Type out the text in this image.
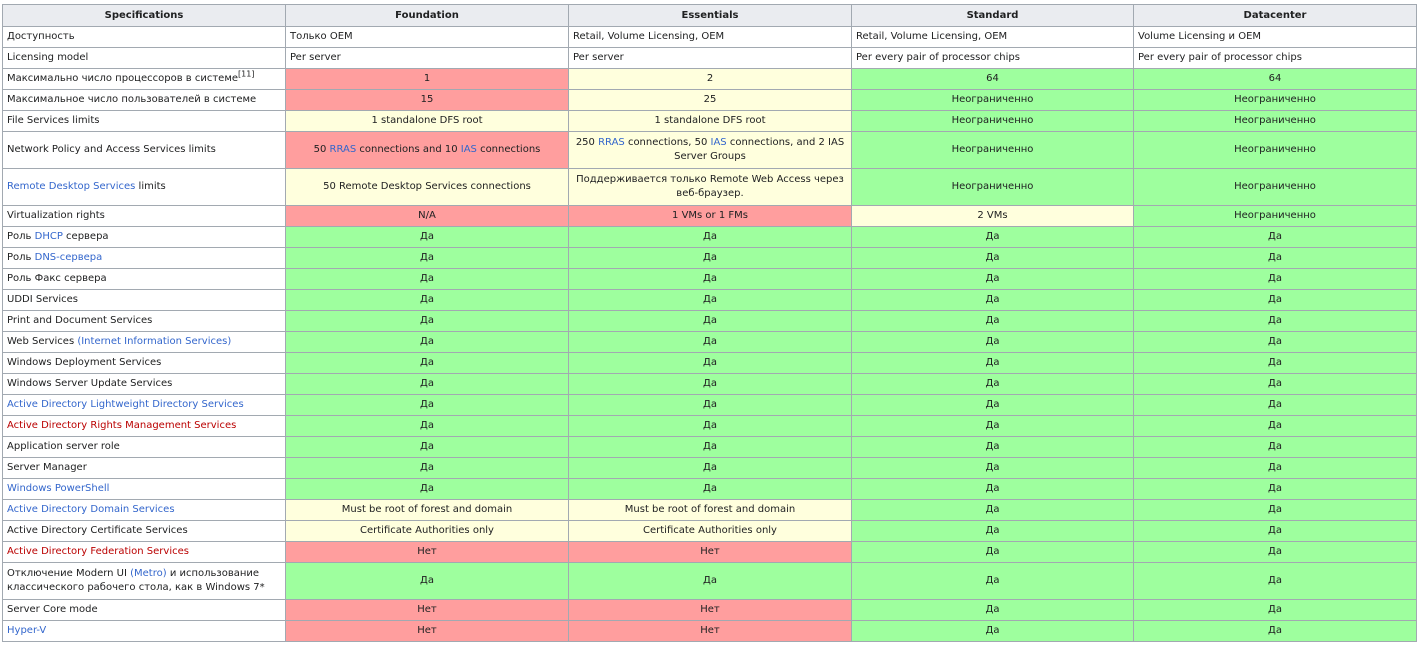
Specifications	Foundation	Essentials	Standard	Datacenter
Доступность	Только OEM	Retail, Volume Licensing, OEM	Retail, Volume Licensing, OEM	Volume Licensing и OEM
Licensing model	Per server	Per server	Per every pair of processor chips	Per every pair of processor chips
Максимально число процессоров в системе[11]	1	2	64	64
Максимальное число пользователей в системе	15	25	Неограниченно	Неограниченно
File Services limits	1 standalone DFS root	1 standalone DFS root	Неограниченно	Неограниченно
Network Policy and Access Services limits	50 RRAS connections and 10 IAS connections	250 RRAS connections, 50 IAS connections, and 2 IAS Server Groups	Неограниченно	Неограниченно
Remote Desktop Services limits	50 Remote Desktop Services connections	Поддерживается только Remote Web Access через веб-браузер.	Неограниченно	Неограниченно
Virtualization rights	N/A	1 VMs or 1 FMs	2 VMs	Неограниченно
Роль DHCP сервера	Да	Да	Да	Да
Роль DNS-сервера	Да	Да	Да	Да
Роль Факс сервера	Да	Да	Да	Да
UDDI Services	Да	Да	Да	Да
Print and Document Services	Да	Да	Да	Да
Web Services (Internet Information Services)	Да	Да	Да	Да
Windows Deployment Services	Да	Да	Да	Да
Windows Server Update Services	Да	Да	Да	Да
Active Directory Lightweight Directory Services	Да	Да	Да	Да
Active Directory Rights Management Services	Да	Да	Да	Да
Application server role	Да	Да	Да	Да
Server Manager	Да	Да	Да	Да
Windows PowerShell	Да	Да	Да	Да
Active Directory Domain Services	Must be root of forest and domain	Must be root of forest and domain	Да	Да
Active Directory Certificate Services	Certificate Authorities only	Certificate Authorities only	Да	Да
Active Directory Federation Services	Нет	Нет	Да	Да
Отключение Modern UI (Metro) и использование классического рабочего стола, как в Windows 7*	Да	Да	Да	Да
Server Core mode	Нет	Нет	Да	Да
Hyper-V	Нет	Нет	Да	Да
